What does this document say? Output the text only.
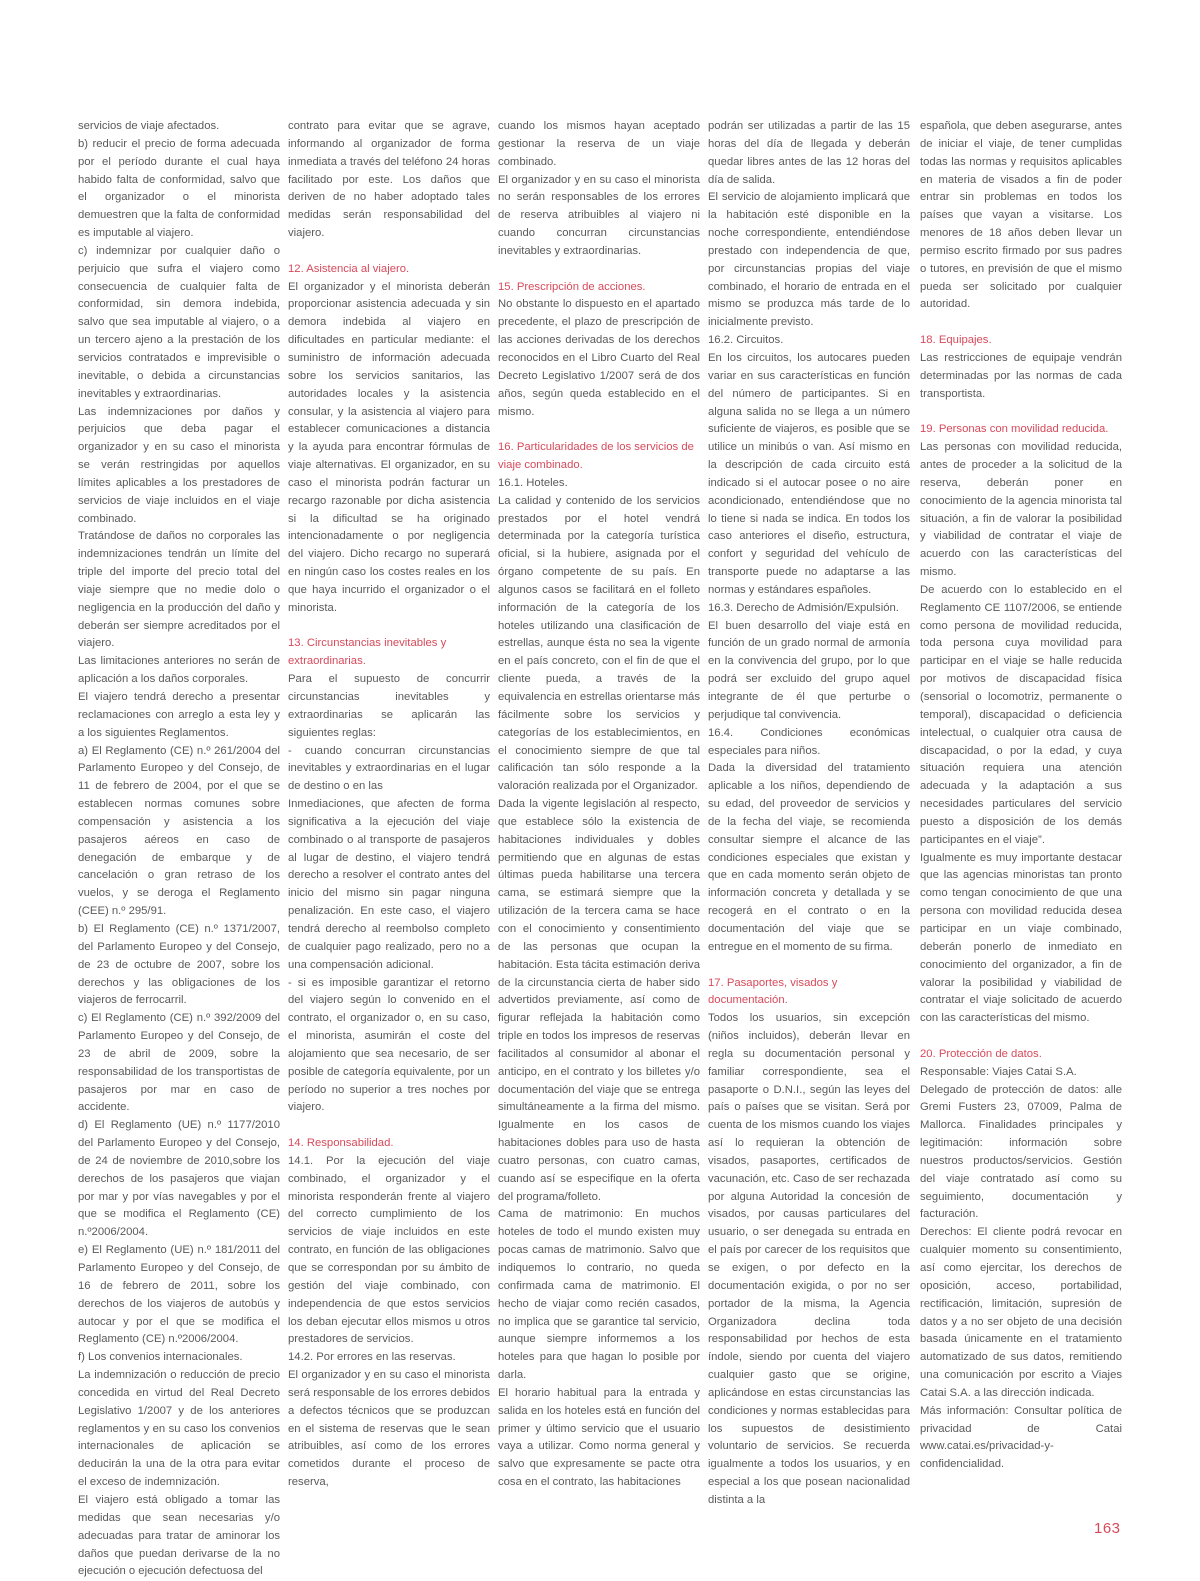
servicios de viaje afectados.

b) reducir el precio de forma adecuada por el período durante el cual haya habido falta de conformidad, salvo que el organizador o el minorista demuestren que la falta de conformidad es imputable al viajero.

c) indemnizar por cualquier daño o perjuicio que sufra el viajero como consecuencia de cualquier falta de conformidad, sin demora indebida, salvo que sea imputable al viajero, o a un tercero ajeno a la prestación de los servicios contratados e imprevisible o inevitable, o debida a circunstancias inevitables y extraordinarias.

Las indemnizaciones por daños y perjuicios que deba pagar el organizador y en su caso el minorista se verán restringidas por aquellos límites aplicables a los prestadores de servicios de viaje incluidos en el viaje combinado.

Tratándose de daños no corporales las indemnizaciones tendrán un límite del triple del importe del precio total del viaje siempre que no medie dolo o negligencia en la producción del daño y deberán ser siempre acreditados por el viajero.

Las limitaciones anteriores no serán de aplicación a los daños corporales.

El viajero tendrá derecho a presentar reclamaciones con arreglo a esta ley y a los siguientes Reglamentos.

a) El Reglamento (CE) n.º 261/2004 del Parlamento Europeo y del Consejo, de 11 de febrero de 2004, por el que se establecen normas comunes sobre compensación y asistencia a los pasajeros aéreos en caso de denegación de embarque y de cancelación o gran retraso de los vuelos, y se deroga el Reglamento (CEE) n.º 295/91.

b) El Reglamento (CE) n.º 1371/2007, del Parlamento Europeo y del Consejo, de 23 de octubre de 2007, sobre los derechos y las obligaciones de los viajeros de ferrocarril.

c) El Reglamento (CE) n.º 392/2009 del Parlamento Europeo y del Consejo, de 23 de abril de 2009, sobre la responsabilidad de los transportistas de pasajeros por mar en caso de accidente.

d) El Reglamento (UE) n.º 1177/2010 del Parlamento Europeo y del Consejo, de 24 de noviembre de 2010,sobre los derechos de los pasajeros que viajan por mar y por vías navegables y por el que se modifica el Reglamento (CE) n.º2006/2004.

e) El Reglamento (UE) n.º 181/2011 del Parlamento Europeo y del Consejo, de 16 de febrero de 2011, sobre los derechos de los viajeros de autobús y autocar y por el que se modifica el Reglamento (CE) n.º2006/2004.

f) Los convenios internacionales.

La indemnización o reducción de precio concedida en virtud del Real Decreto Legislativo 1/2007 y de los anteriores reglamentos y en su caso los convenios internacionales de aplicación se deducirán la una de la otra para evitar el exceso de indemnización.

El viajero está obligado a tomar las medidas que sean necesarias y/o adecuadas para tratar de aminorar los daños que puedan derivarse de la no ejecución o ejecución defectuosa del

contrato para evitar que se agrave, informando al organizador de forma inmediata a través del teléfono 24 horas facilitado por este. Los daños que deriven de no haber adoptado tales medidas serán responsabilidad del viajero.

12. Asistencia al viajero.

El organizador y el minorista deberán proporcionar asistencia adecuada y sin demora indebida al viajero en dificultades en particular mediante: el suministro de información adecuada sobre los servicios sanitarios, las autoridades locales y la asistencia consular, y la asistencia al viajero para establecer comunicaciones a distancia y la ayuda para encontrar fórmulas de viaje alternativas. El organizador, en su caso el minorista podrán facturar un recargo razonable por dicha asistencia si la dificultad se ha originado intencionadamente o por negligencia del viajero. Dicho recargo no superará en ningún caso los costes reales en los que haya incurrido el organizador o el minorista.

13. Circunstancias inevitables y extraordinarias.

Para el supuesto de concurrir circunstancias inevitables y extraordinarias se aplicarán las siguientes reglas:

- cuando concurran circunstancias inevitables y extraordinarias en el lugar de destino o en las

Inmediaciones, que afecten de forma significativa a la ejecución del viaje combinado o al transporte de pasajeros al lugar de destino, el viajero tendrá derecho a resolver el contrato antes del inicio del mismo sin pagar ninguna penalización. En este caso, el viajero tendrá derecho al reembolso completo de cualquier pago realizado, pero no a una compensación adicional.

- si es imposible garantizar el retorno del viajero según lo convenido en el contrato, el organizador o, en su caso, el minorista, asumirán el coste del alojamiento que sea necesario, de ser posible de categoría equivalente, por un período no superior a tres noches por viajero.

14. Responsabilidad.

14.1. Por la ejecución del viaje combinado, el organizador y el minorista responderán frente al viajero del correcto cumplimiento de los servicios de viaje incluidos en este contrato, en función de las obligaciones que se correspondan por su ámbito de gestión del viaje combinado, con independencia de que estos servicios los deban ejecutar ellos mismos u otros prestadores de servicios.

14.2. Por errores en las reservas.

El organizador y en su caso el minorista será responsable de los errores debidos a defectos técnicos que se produzcan en el sistema de reservas que le sean atribuibles, así como de los errores cometidos durante el proceso de reserva,

cuando los mismos hayan aceptado gestionar la reserva de un viaje combinado.

El organizador y en su caso el minorista no serán responsables de los errores de reserva atribuibles al viajero ni cuando concurran circunstancias inevitables y extraordinarias.

15. Prescripción de acciones.

No obstante lo dispuesto en el apartado precedente, el plazo de prescripción de las acciones derivadas de los derechos reconocidos en el Libro Cuarto del Real Decreto Legislativo 1/2007 será de dos años, según queda establecido en el mismo.

16. Particularidades de los servicios de viaje combinado.

16.1. Hoteles.

La calidad y contenido de los servicios prestados por el hotel vendrá determinada por la categoría turística oficial, si la hubiere, asignada por el órgano competente de su país. En algunos casos se facilitará en el folleto información de la categoría de los hoteles utilizando una clasificación de estrellas, aunque ésta no sea la vigente en el país concreto, con el fin de que el cliente pueda, a través de la equivalencia en estrellas orientarse más fácilmente sobre los servicios y categorías de los establecimientos, en el conocimiento siempre de que tal calificación tan sólo responde a la valoración realizada por el Organizador.

Dada la vigente legislación al respecto, que establece sólo la existencia de habitaciones individuales y dobles permitiendo que en algunas de estas últimas pueda habilitarse una tercera cama, se estimará siempre que la utilización de la tercera cama se hace con el conocimiento y consentimiento de las personas que ocupan la habitación. Esta tácita estimación deriva de la circunstancia cierta de haber sido advertidos previamente, así como de figurar reflejada la habitación como triple en todos los impresos de reservas facilitados al consumidor al abonar el anticipo, en el contrato y los billetes y/o documentación del viaje que se entrega simultáneamente a la firma del mismo. Igualmente en los casos de habitaciones dobles para uso de hasta cuatro personas, con cuatro camas, cuando así se especifique en la oferta del programa/folleto.

Cama de matrimonio: En muchos hoteles de todo el mundo existen muy pocas camas de matrimonio. Salvo que indiquemos lo contrario, no queda confirmada cama de matrimonio. El hecho de viajar como recién casados, no implica que se garantice tal servicio, aunque siempre informemos a los hoteles para que hagan lo posible por darla.

El horario habitual para la entrada y salida en los hoteles está en función del primer y último servicio que el usuario vaya a utilizar. Como norma general y salvo que expresamente se pacte otra cosa en el contrato, las habitaciones

podrán ser utilizadas a partir de las 15 horas del día de llegada y deberán quedar libres antes de las 12 horas del día de salida.

El servicio de alojamiento implicará que la habitación esté disponible en la noche correspondiente, entendiéndose prestado con independencia de que, por circunstancias propias del viaje combinado, el horario de entrada en el mismo se produzca más tarde de lo inicialmente previsto.

16.2. Circuitos.

En los circuitos, los autocares pueden variar en sus características en función del número de participantes. Si en alguna salida no se llega a un número suficiente de viajeros, es posible que se utilice un minibús o van. Así mismo en la descripción de cada circuito está indicado si el autocar posee o no aire acondicionado, entendiéndose que no lo tiene si nada se indica. En todos los caso anteriores el diseño, estructura, confort y seguridad del vehículo de transporte puede no adaptarse a las normas y estándares españoles.

16.3. Derecho de Admisión/Expulsión.

El buen desarrollo del viaje está en función de un grado normal de armonía en la convivencia del grupo, por lo que podrá ser excluido del grupo aquel integrante de él que perturbe o perjudique tal convivencia.

16.4. Condiciones económicas especiales para niños.

Dada la diversidad del tratamiento aplicable a los niños, dependiendo de su edad, del proveedor de servicios y de la fecha del viaje, se recomienda consultar siempre el alcance de las condiciones especiales que existan y que en cada momento serán objeto de información concreta y detallada y se recogerá en el contrato o en la documentación del viaje que se entregue en el momento de su firma.

17. Pasaportes, visados y documentación.

Todos los usuarios, sin excepción (niños incluidos), deberán llevar en regla su documentación personal y familiar correspondiente, sea el pasaporte o D.N.I., según las leyes del país o países que se visitan. Será por cuenta de los mismos cuando los viajes así lo requieran la obtención de visados, pasaportes, certificados de vacunación, etc. Caso de ser rechazada por alguna Autoridad la concesión de visados, por causas particulares del usuario, o ser denegada su entrada en el país por carecer de los requisitos que se exigen, o por defecto en la documentación exigida, o por no ser portador de la misma, la Agencia Organizadora declina toda responsabilidad por hechos de esta índole, siendo por cuenta del viajero cualquier gasto que se origine, aplicándose en estas circunstancias las condiciones y normas establecidas para los supuestos de desistimiento voluntario de servicios. Se recuerda igualmente a todos los usuarios, y en especial a los que posean nacionalidad distinta a la

española, que deben asegurarse, antes de iniciar el viaje, de tener cumplidas todas las normas y requisitos aplicables en materia de visados a fin de poder entrar sin problemas en todos los países que vayan a visitarse. Los menores de 18 años deben llevar un permiso escrito firmado por sus padres o tutores, en previsión de que el mismo pueda ser solicitado por cualquier autoridad.

18. Equipajes.

Las restricciones de equipaje vendrán determinadas por las normas de cada transportista.

19. Personas con movilidad reducida.

Las personas con movilidad reducida, antes de proceder a la solicitud de la reserva, deberán poner en conocimiento de la agencia minorista tal situación, a fin de valorar la posibilidad y viabilidad de contratar el viaje de acuerdo con las características del mismo.

De acuerdo con lo establecido en el Reglamento CE 1107/2006, se entiende como persona de movilidad reducida, toda persona cuya movilidad para participar en el viaje se halle reducida por motivos de discapacidad física (sensorial o locomotriz, permanente o temporal), discapacidad o deficiencia intelectual, o cualquier otra causa de discapacidad, o por la edad, y cuya situación requiera una atención adecuada y la adaptación a sus necesidades particulares del servicio puesto a disposición de los demás participantes en el viaje”.

Igualmente es muy importante destacar que las agencias minoristas tan pronto como tengan conocimiento de que una persona con movilidad reducida desea participar en un viaje combinado, deberán ponerlo de inmediato en conocimiento del organizador, a fin de valorar la posibilidad y viabilidad de contratar el viaje solicitado de acuerdo con las características del mismo.

20. Protección de datos.

Responsable: Viajes Catai S.A.

Delegado de protección de datos: alle Gremi Fusters 23, 07009, Palma de Mallorca. Finalidades principales y legitimación: información sobre nuestros productos/servicios. Gestión del viaje contratado así como su seguimiento, documentación y facturación.

Derechos: El cliente podrá revocar en cualquier momento su consentimiento, así como ejercitar, los derechos de oposición, acceso, portabilidad, rectificación, limitación, supresión de datos y a no ser objeto de una decisión basada únicamente en el tratamiento automatizado de sus datos, remitiendo una comunicación por escrito a Viajes Catai S.A. a las dirección indicada.

Más información: Consultar política de privacidad de Catai www.catai.es/privacidad-y-confidencialidad.

163
